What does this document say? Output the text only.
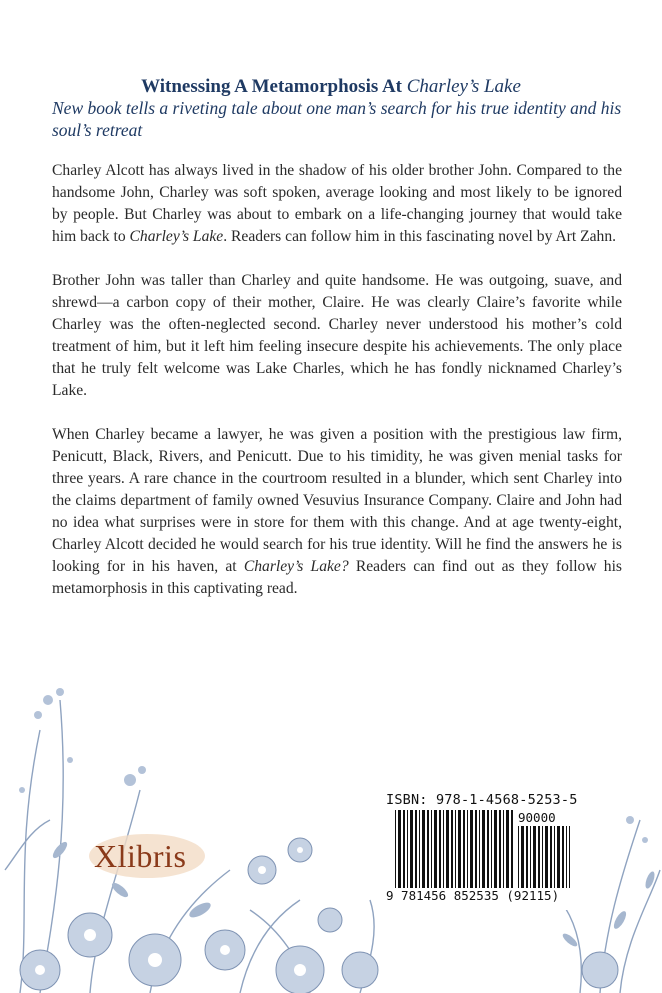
Witnessing A Metamorphosis At Charley’s Lake
New book tells a riveting tale about one man’s search for his true identity and his soul’s retreat

Charley Alcott has always lived in the shadow of his older brother John. Compared to the handsome John, Charley was soft spoken, average looking and most likely to be ignored by people. But Charley was about to embark on a life-changing journey that would take him back to Charley’s Lake. Readers can follow him in this fascinating novel by Art Zahn.

Brother John was taller than Charley and quite handsome. He was outgoing, suave, and shrewd—a carbon copy of their mother, Claire. He was clearly Claire’s favorite while Charley was the often-neglected second. Charley never understood his mother’s cold treatment of him, but it left him feeling insecure despite his achievements. The only place that he truly felt welcome was Lake Charles, which he has fondly nicknamed Charley’s Lake.

When Charley became a lawyer, he was given a position with the prestigious law firm, Penicutt, Black, Rivers, and Penicutt. Due to his timidity, he was given menial tasks for three years. A rare chance in the courtroom resulted in a blunder, which sent Charley into the claims department of family owned Vesuvius Insurance Company. Claire and John had no idea what surprises were in store for them with this change. And at age twenty-eight, Charley Alcott decided he would search for his true identity. Will he find the answers he is looking for in his haven, at Charley’s Lake? Readers can find out as they follow his metamorphosis in this captivating read.

Xlibris
ISBN: 978-1-4568-5253-5
90000
9 781456 852535 (92115)
